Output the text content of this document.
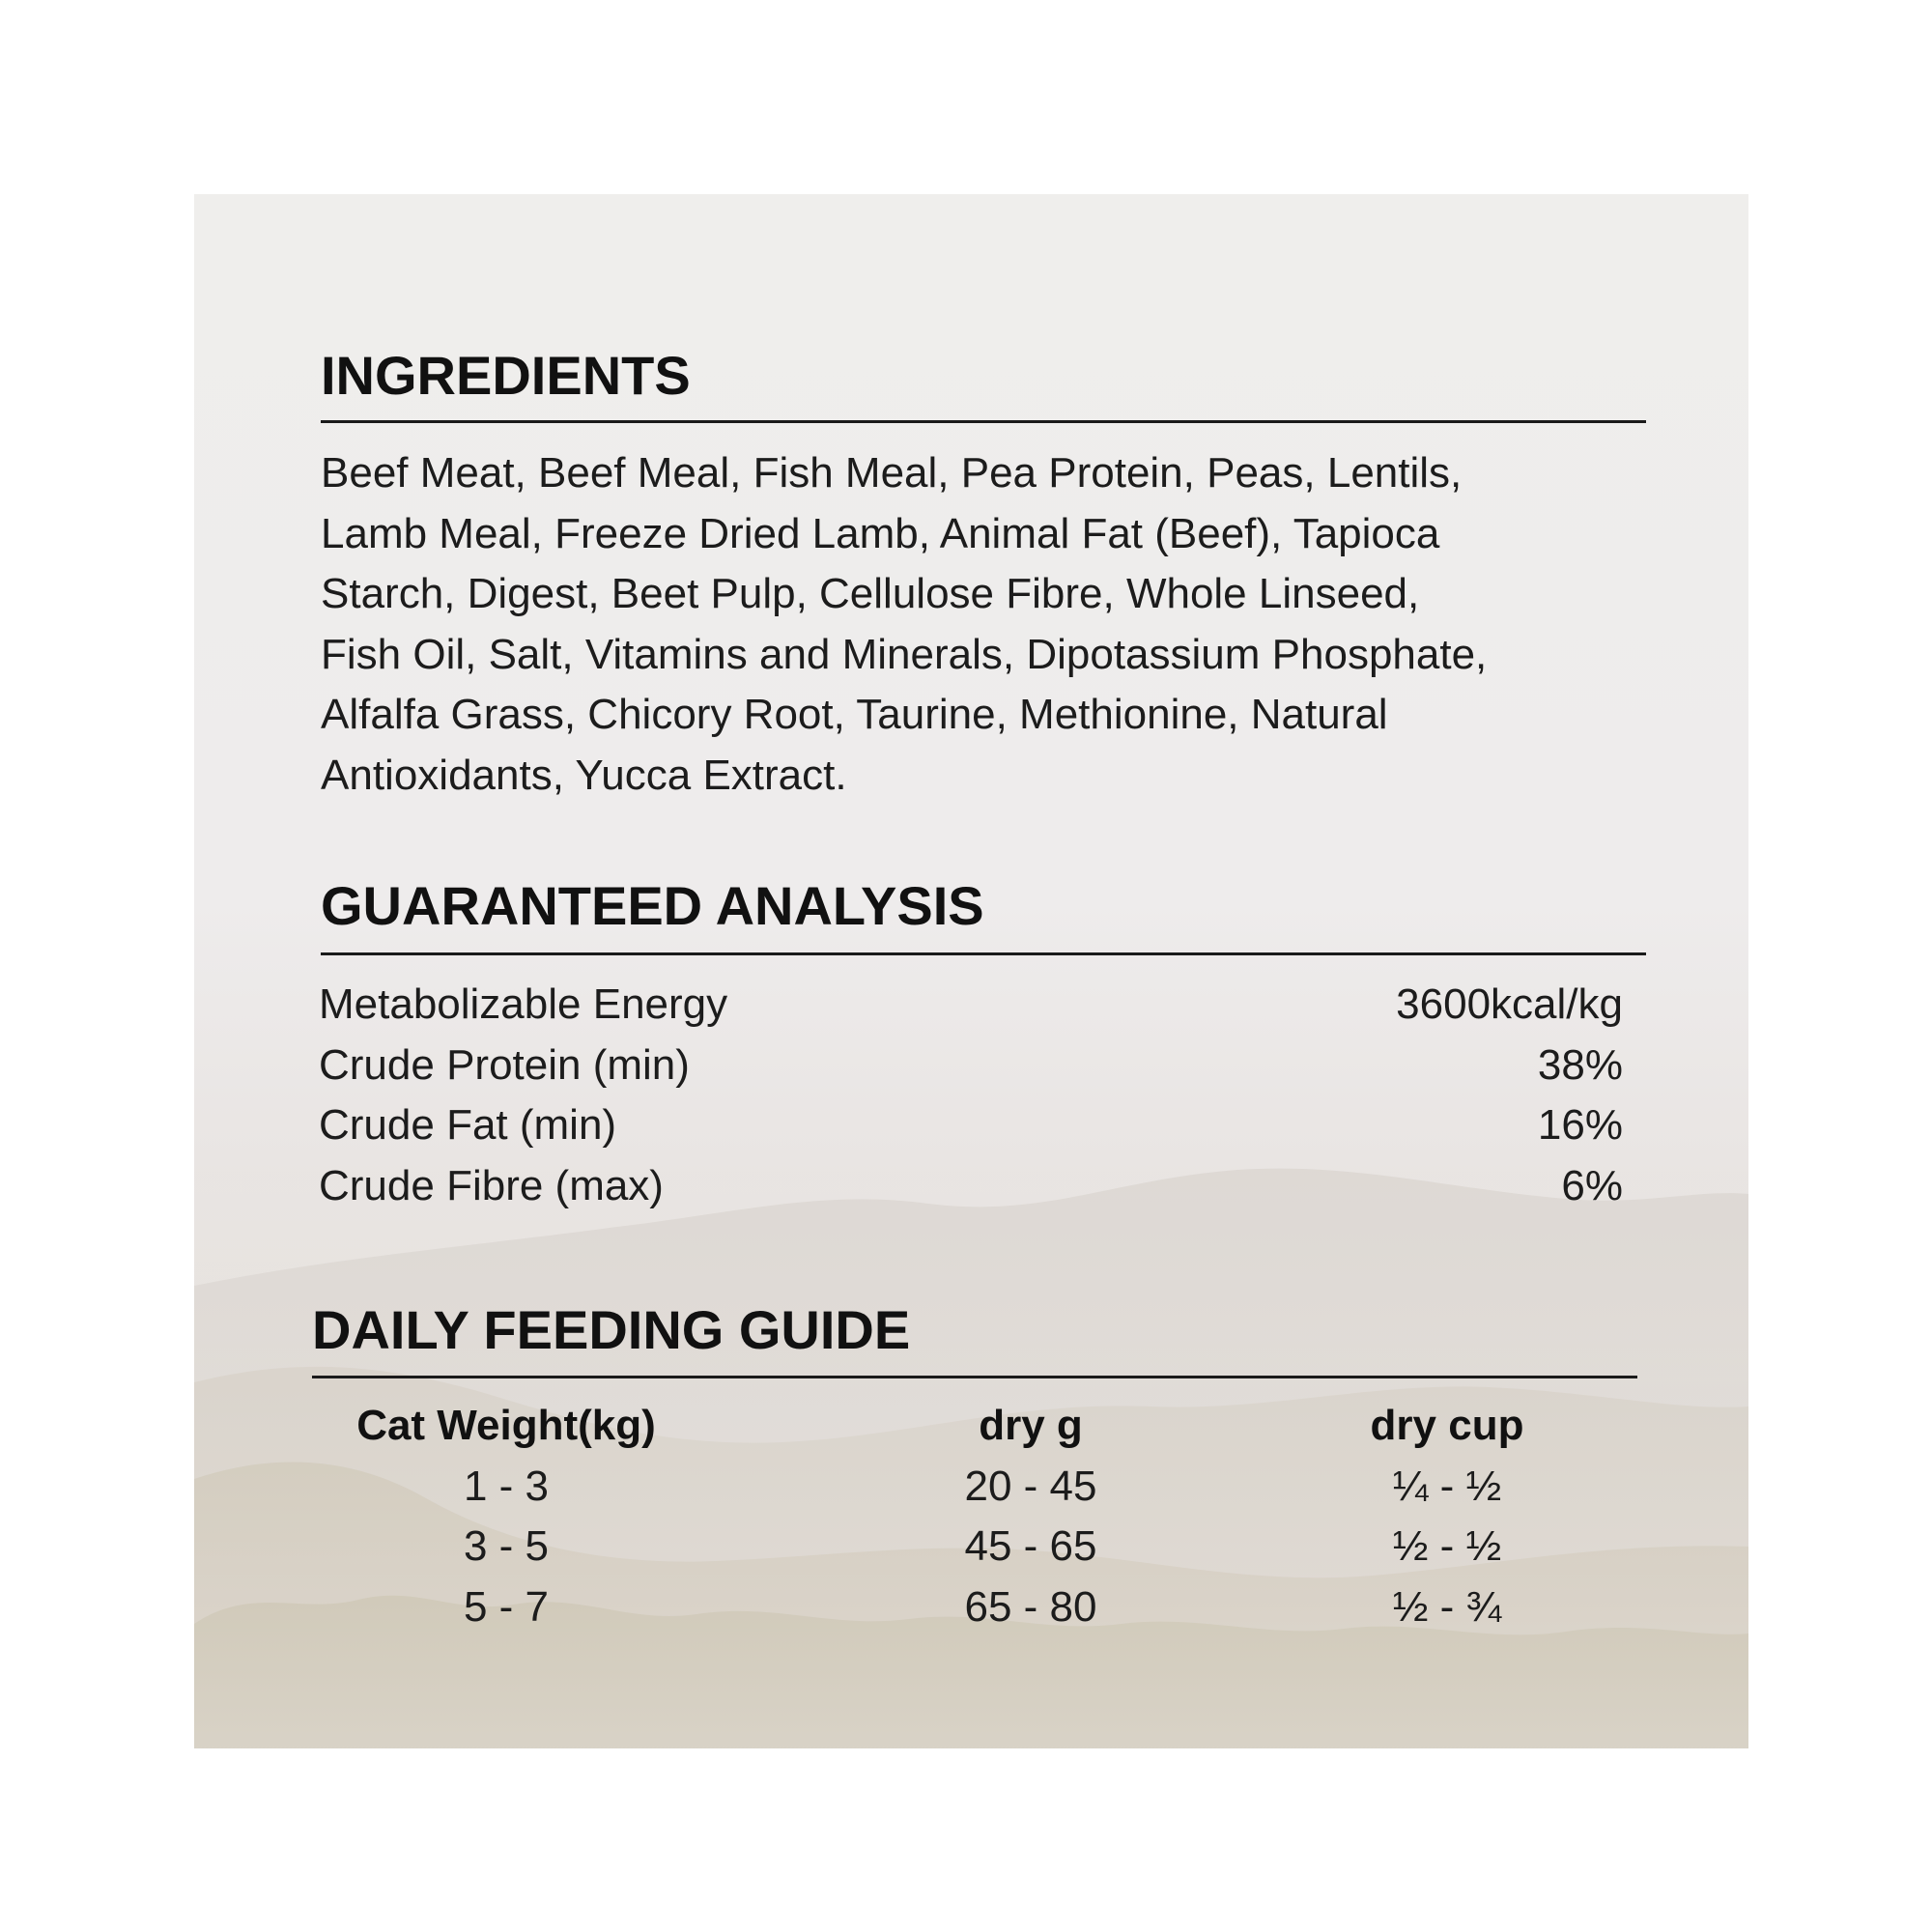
INGREDIENTS

Beef Meat, Beef Meal, Fish Meal, Pea Protein, Peas, Lentils,
Lamb Meal, Freeze Dried Lamb, Animal Fat (Beef), Tapioca
Starch, Digest, Beet Pulp, Cellulose Fibre, Whole Linseed,
Fish Oil, Salt, Vitamins and Minerals, Dipotassium Phosphate,
Alfalfa Grass, Chicory Root, Taurine, Methionine, Natural
Antioxidants, Yucca Extract.

GUARANTEED ANALYSIS
Metabolizable Energy	3600kcal/kg
Crude Protein (min)	38%
Crude Fat (min)	16%
Crude Fibre (max)	6%
DAILY FEEDING GUIDE
Cat Weight(kg)	dry g	dry cup
1 - 3	20 - 45	¼ - ½
3 - 5	45 - 65	½ - ½
5 - 7	65 - 80	½ - ¾
